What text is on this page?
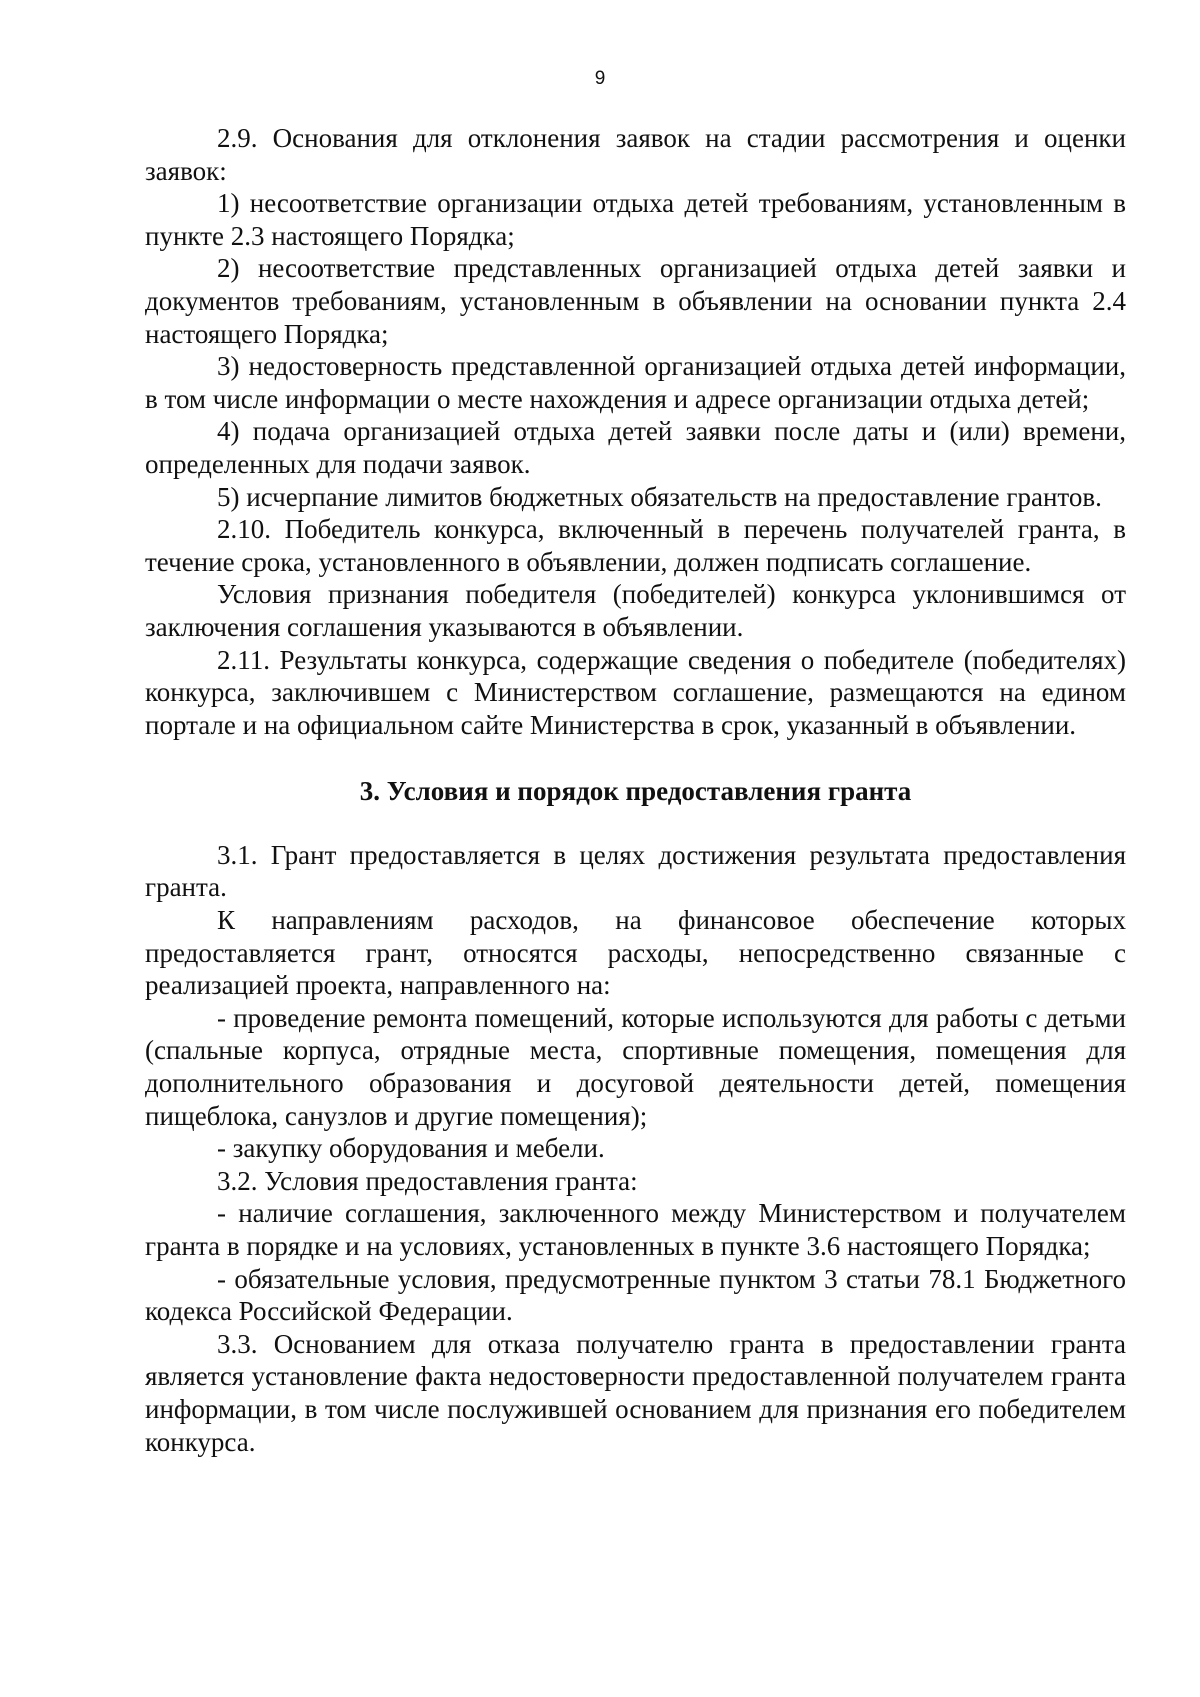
9

2.9. Основания для отклонения заявок на стадии рассмотрения и оценки заявок:

1) несоответствие организации отдыха детей требованиям, установленным в пункте 2.3 настоящего Порядка;

2) несоответствие представленных организацией отдыха детей заявки и документов требованиям, установленным в объявлении на основании пункта 2.4 настоящего Порядка;

3) недостоверность представленной организацией отдыха детей информации, в том числе информации о месте нахождения и адресе организации отдыха детей;

4) подача организацией отдыха детей заявки после даты и (или) времени, определенных для подачи заявок.

5) исчерпание лимитов бюджетных обязательств на предоставление грантов.

2.10. Победитель конкурса, включенный в перечень получателей гранта, в течение срока, установленного в объявлении, должен подписать соглашение.

Условия признания победителя (победителей) конкурса уклонившимся от заключения соглашения указываются в объявлении.

2.11. Результаты конкурса, содержащие сведения о победителе (победителях) конкурса, заключившем с Министерством соглашение, размещаются на едином портале и на официальном сайте Министерства в срок, указанный в объявлении.

3. Условия и порядок предоставления гранта

3.1. Грант предоставляется в целях достижения результата предоставления гранта.

К направлениям расходов, на финансовое обеспечение которых предоставляется грант, относятся расходы, непосредственно связанные с реализацией проекта, направленного на:

- проведение ремонта помещений, которые используются для работы с детьми (спальные корпуса, отрядные места, спортивные помещения, помещения для дополнительного образования и досуговой деятельности детей, помещения пищеблока, санузлов и другие помещения);

- закупку оборудования и мебели.

3.2. Условия предоставления гранта:

- наличие соглашения, заключенного между Министерством и получателем гранта в порядке и на условиях, установленных в пункте 3.6 настоящего Порядка;

- обязательные условия, предусмотренные пунктом 3 статьи 78.1 Бюджетного кодекса Российской Федерации.

3.3. Основанием для отказа получателю гранта в предоставлении гранта является установление факта недостоверности предоставленной получателем гранта информации, в том числе послужившей основанием для признания его победителем конкурса.
